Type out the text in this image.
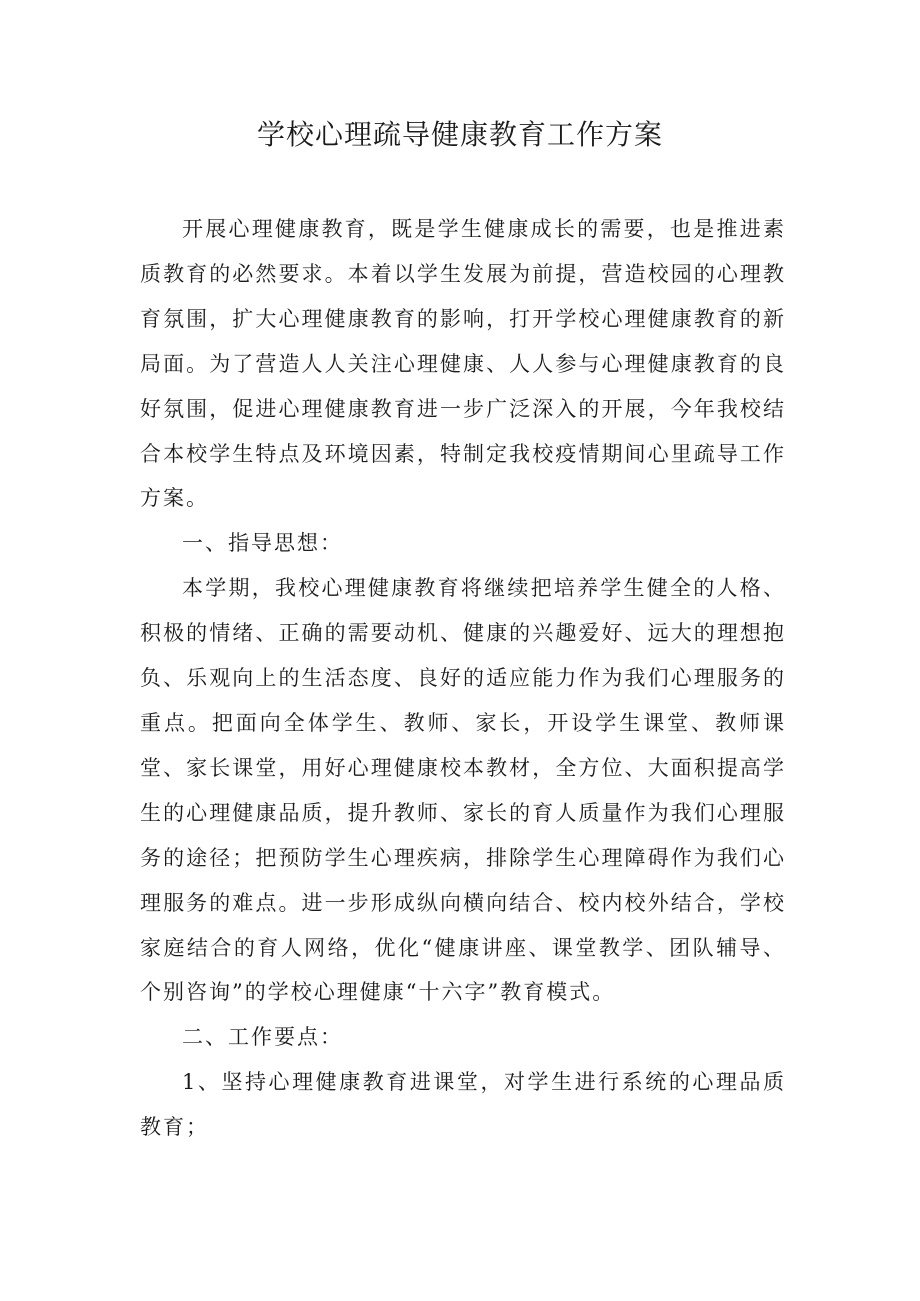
学校心理疏导健康教育工作方案

开展心理健康教育，既是学生健康成长的需要，也是推进素质教育的必然要求。本着以学生发展为前提，营造校园的心理教育氛围，扩大心理健康教育的影响，打开学校心理健康教育的新局面。为了营造人人关注心理健康、人人参与心理健康教育的良好氛围，促进心理健康教育进一步广泛深入的开展，今年我校结合本校学生特点及环境因素，特制定我校疫情期间心里疏导工作方案。

一、指导思想：

本学期，我校心理健康教育将继续把培养学生健全的人格、积极的情绪、正确的需要动机、健康的兴趣爱好、远大的理想抱负、乐观向上的生活态度、良好的适应能力作为我们心理服务的重点。把面向全体学生、教师、家长，开设学生课堂、教师课堂、家长课堂，用好心理健康校本教材，全方位、大面积提高学生的心理健康品质，提升教师、家长的育人质量作为我们心理服务的途径；把预防学生心理疾病，排除学生心理障碍作为我们心理服务的难点。进一步形成纵向横向结合、校内校外结合，学校家庭结合的育人网络，优化“健康讲座、课堂教学、团队辅导、个别咨询”的学校心理健康“十六字”教育模式。

二、工作要点：

1、坚持心理健康教育进课堂，对学生进行系统的心理品质教育；
